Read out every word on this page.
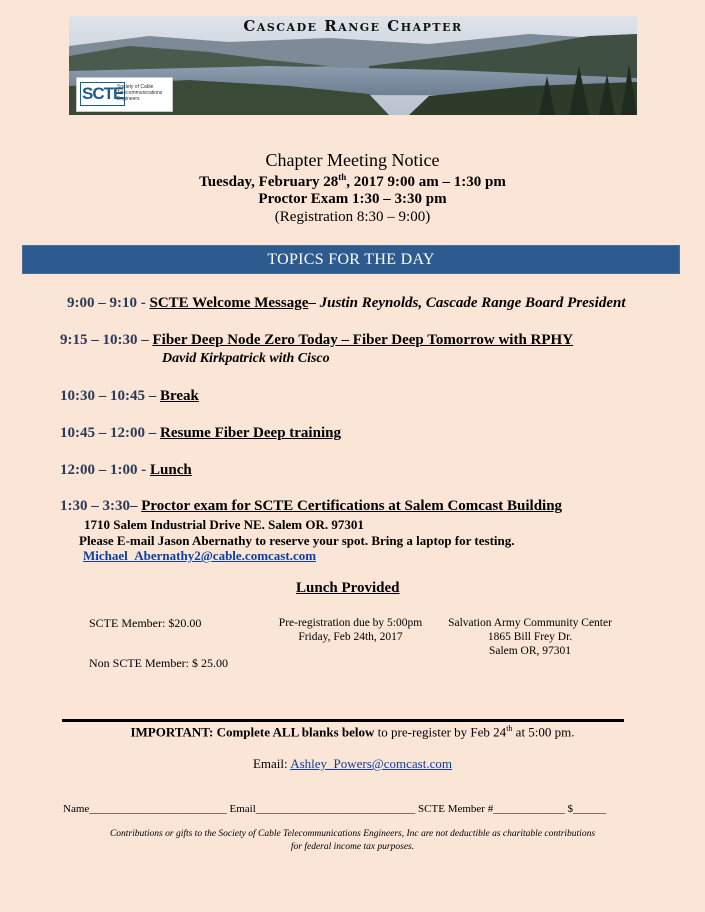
Cascade Range Chapter
SCTE
Society of Cable Telecommunications Engineers
Chapter Meeting Notice
Tuesday, February 28th, 2017 9:00 am – 1:30 pm
Proctor Exam 1:30 – 3:30 pm
(Registration 8:30 – 9:00)
TOPICS FOR THE DAY
9:00 – 9:10 - SCTE Welcome Message– Justin Reynolds, Cascade Range Board President
9:15 – 10:30 – Fiber Deep Node Zero Today – Fiber Deep Tomorrow with RPHY
David Kirkpatrick with Cisco
10:30 – 10:45 – Break
10:45 – 12:00 – Resume Fiber Deep training
12:00 – 1:00 - Lunch
1:30 – 3:30– Proctor exam for SCTE Certifications at Salem Comcast Building
1710 Salem Industrial Drive NE. Salem OR. 97301
Please E-mail Jason Abernathy to reserve your spot. Bring a laptop for testing.
Michael_Abernathy2@cable.comcast.com
Lunch Provided
SCTE Member: $20.00
Non SCTE Member: $ 25.00
Pre-registration due by 5:00pm
Friday, Feb 24th, 2017
Salvation Army Community Center
1865 Bill Frey Dr.
Salem OR, 97301
IMPORTANT: Complete ALL blanks below to pre-register by Feb 24th at 5:00 pm.
Email: Ashley_Powers@comcast.com
Name_________________________ Email_____________________________ SCTE Member #_____________ $______
Contributions or gifts to the Society of Cable Telecommunications Engineers, Inc are not deductible as charitable contributions
for federal income tax purposes.
